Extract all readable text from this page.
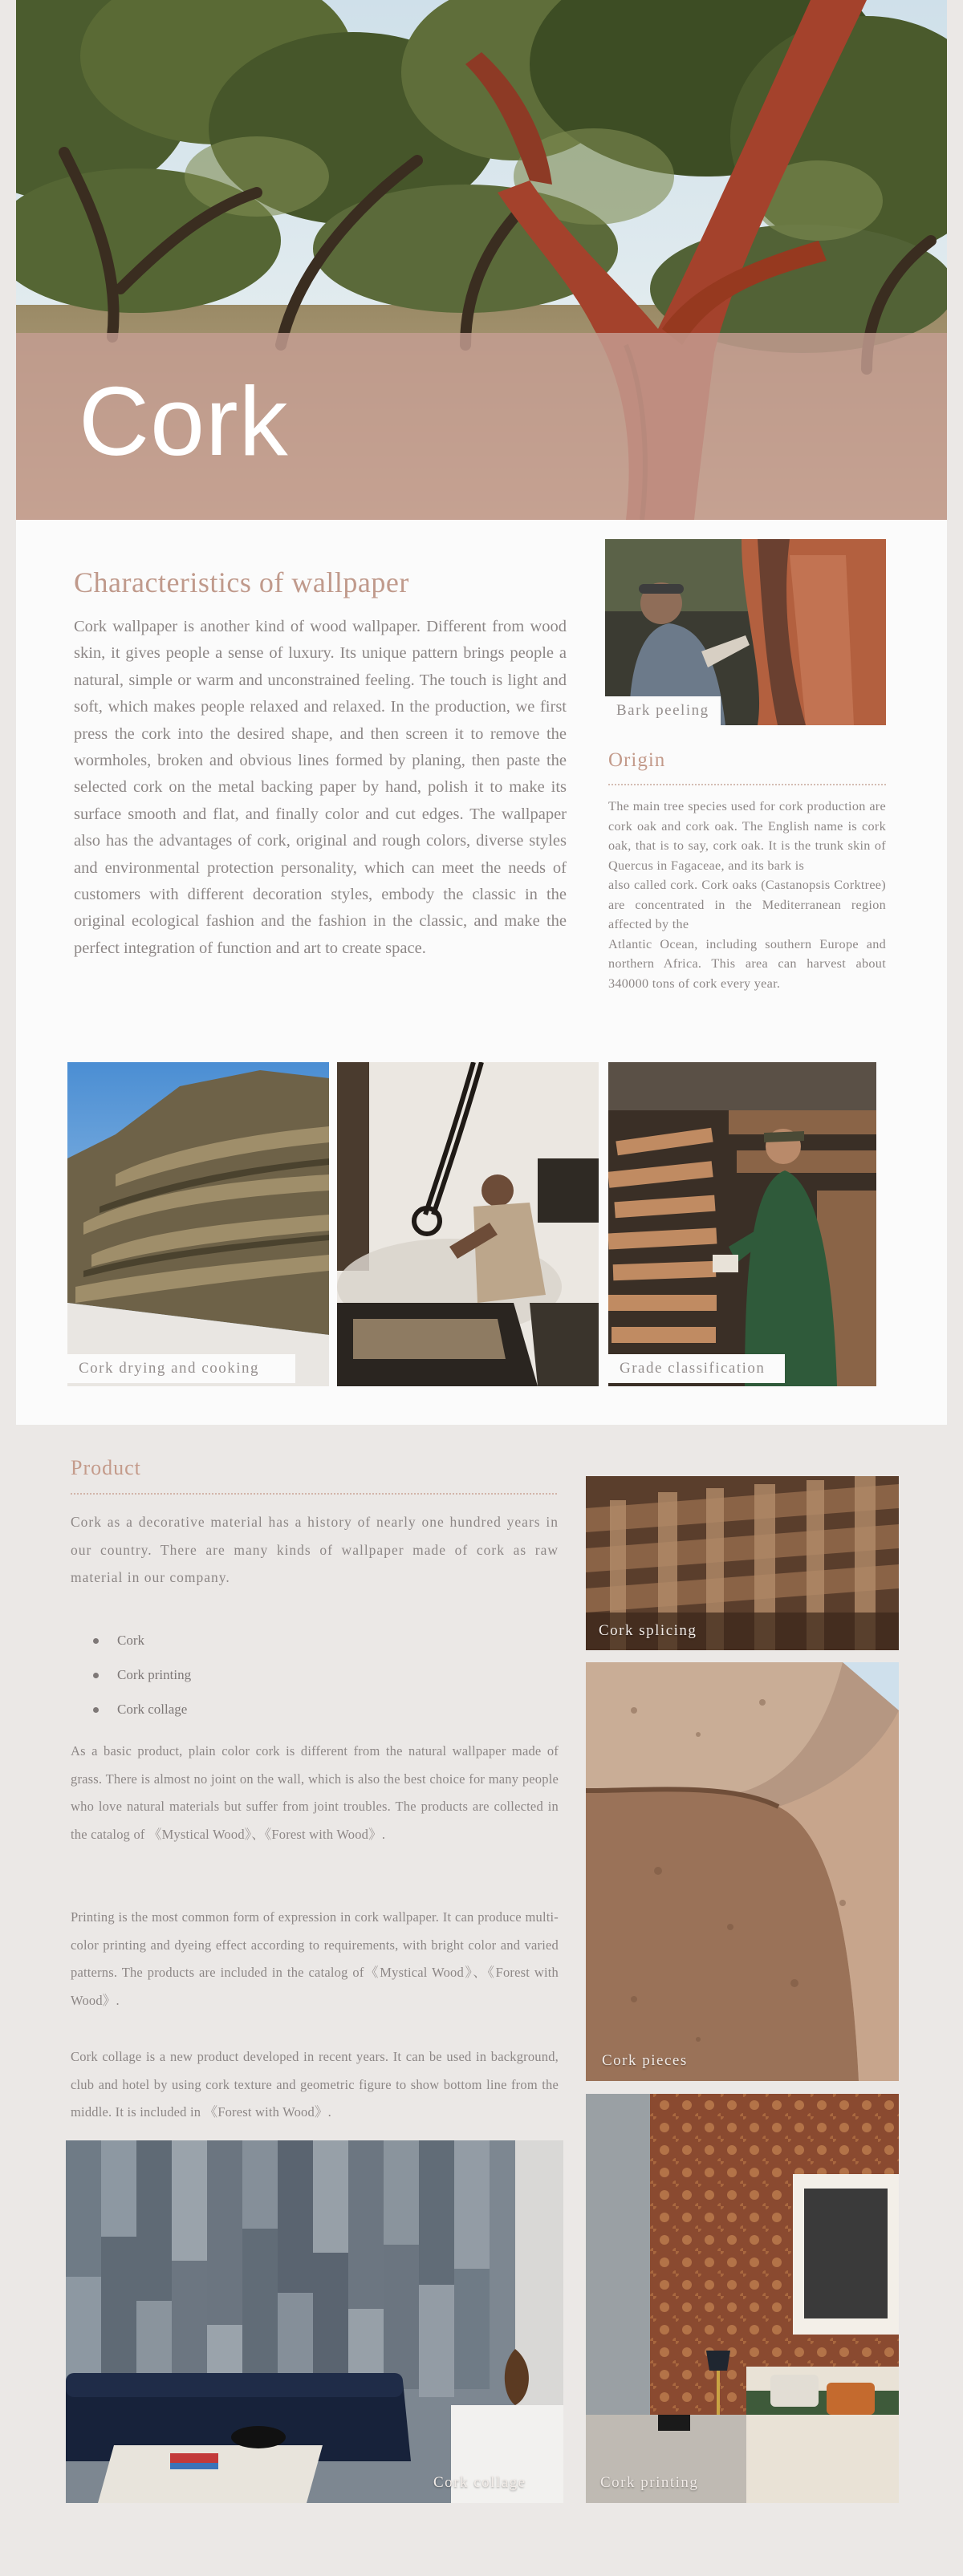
Cork
Characteristics of wallpaper
Cork wallpaper is another kind of wood wallpaper. Different from wood skin, it gives people a sense of luxury. Its unique pattern brings people a natural, simple or warm and unconstrained feeling. The touch is light and soft, which makes people relaxed and relaxed. In the production, we first press the cork into the desired shape, and then screen it to remove the wormholes, broken and obvious lines formed by planing, then paste the selected cork on the metal backing paper by hand, polish it to make its surface smooth and flat, and finally color and cut edges. The wallpaper also has the advantages of cork, original and rough colors, diverse styles and environmental protection personality, which can meet the needs of customers with different decoration styles, embody the classic in the original ecological fashion and the fashion in the classic, and make the perfect integration of function and art to create space.
Bark peeling
Origin
The main tree species used for cork production are cork oak and cork oak. The English name is cork oak, that is to say, cork oak. It is the trunk skin of Quercus in Fagaceae, and its bark is
also called cork. Cork oaks (Castanopsis Corktree) are concentrated in the Mediterranean region affected by the
Atlantic Ocean, including southern Europe and northern Africa. This area can harvest about 340000 tons of cork every year.
Cork drying and cooking	Grade classification
Product
Cork as a decorative material has a history of nearly one hundred years in our country. There are many kinds of wallpaper made of cork as raw material in our company.
Cork
Cork printing
Cork collage
As a basic product, plain color cork is different from the natural wallpaper made of grass. There is almost no joint on the wall, which is also the best choice for many people who love natural materials but suffer from joint troubles. The products are collected in the catalog of 《Mystical Wood》、《Forest with Wood》.
Printing is the most common form of expression in cork wallpaper. It can produce multi-color printing and dyeing effect according to requirements, with bright color and varied patterns. The products are included in the catalog of《Mystical Wood》、《Forest with Wood》.
Cork collage is a new product developed in recent years. It can be used in background, club and hotel by using cork texture and geometric figure to show bottom line from the middle. It is included in 《Forest with Wood》.
Cork splicing
Cork pieces
Cork collage	Cork printing
